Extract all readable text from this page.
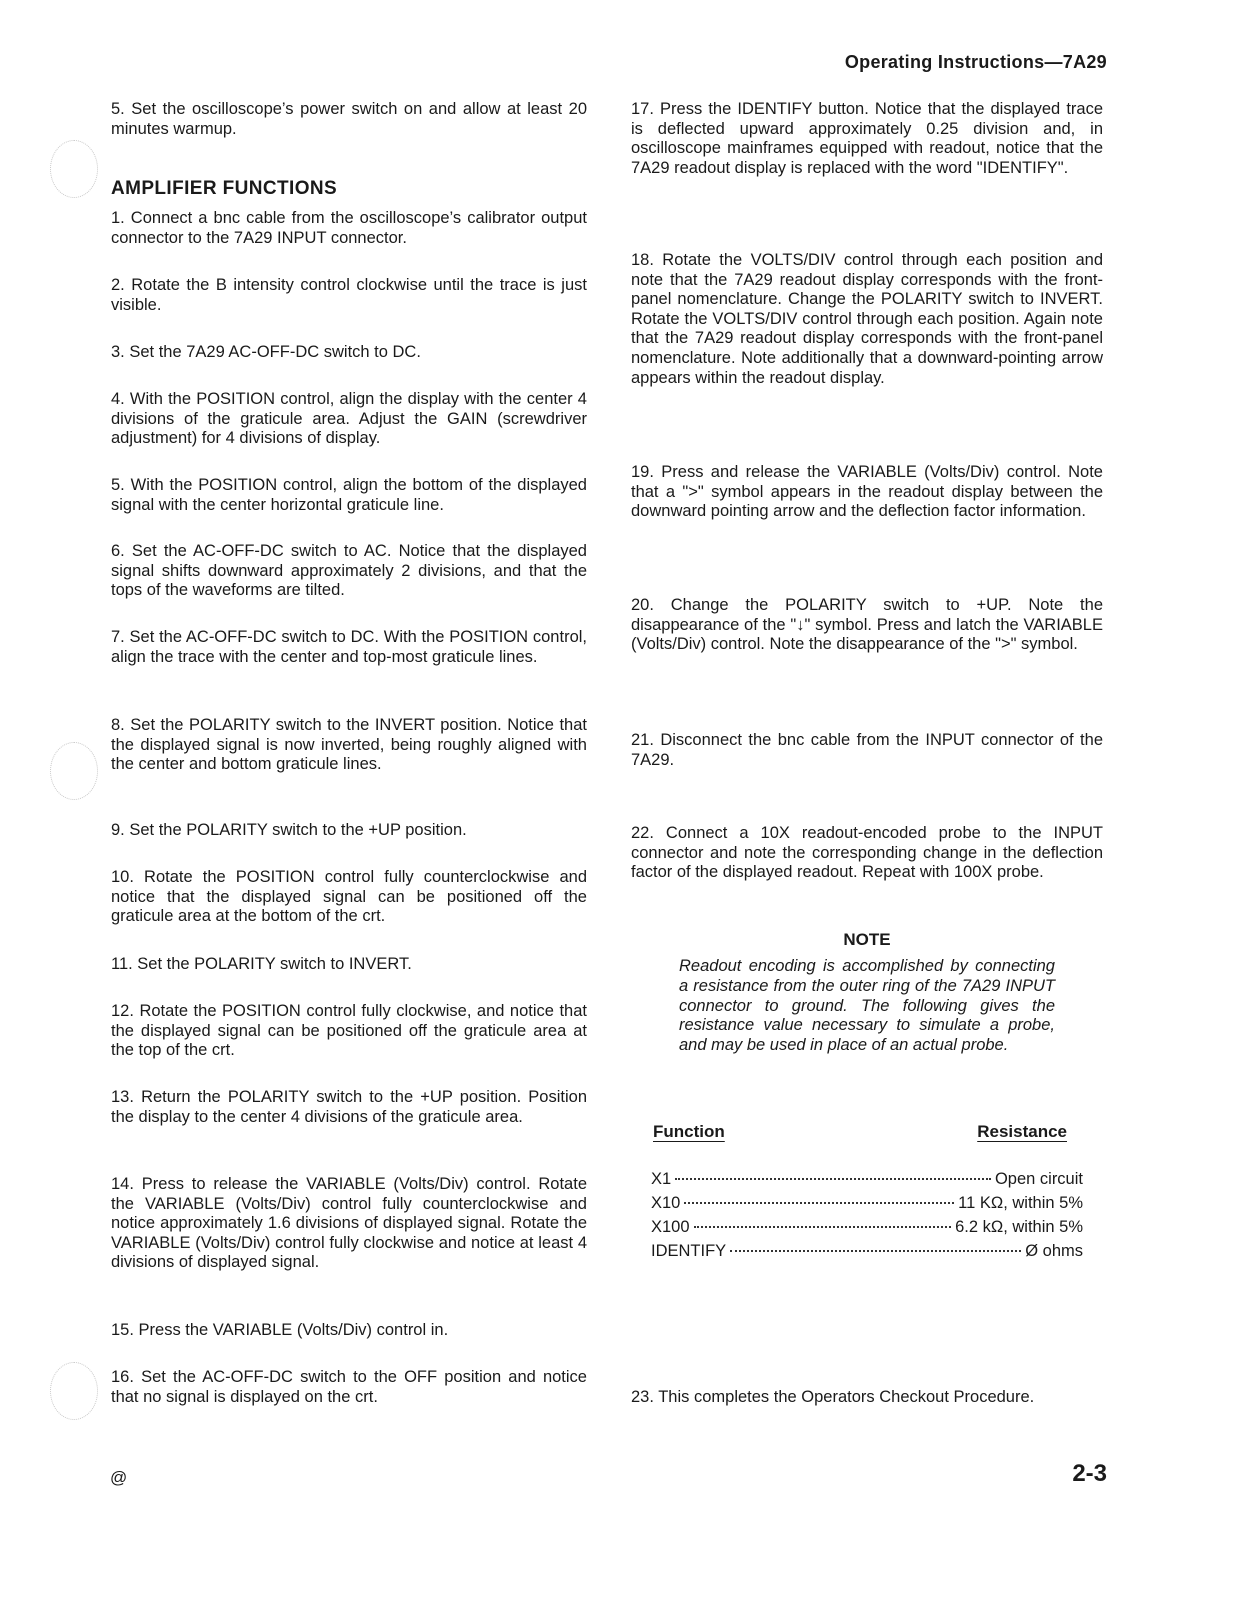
Operating Instructions—7A29

5. Set the oscilloscope’s power switch on and allow at least 20 minutes warmup.

AMPLIFIER FUNCTIONS

1. Connect a bnc cable from the oscilloscope’s calibrator output connector to the 7A29 INPUT connector.

2. Rotate the B intensity control clockwise until the trace is just visible.

3. Set the 7A29 AC-OFF-DC switch to DC.

4. With the POSITION control, align the display with the center 4 divisions of the graticule area. Adjust the GAIN (screwdriver adjustment) for 4 divisions of display.

5. With the POSITION control, align the bottom of the displayed signal with the center horizontal graticule line.

6. Set the AC-OFF-DC switch to AC. Notice that the displayed signal shifts downward approximately 2 divisions, and that the tops of the waveforms are tilted.

7. Set the AC-OFF-DC switch to DC. With the POSITION control, align the trace with the center and top-most graticule lines.

8. Set the POLARITY switch to the INVERT position. Notice that the displayed signal is now inverted, being roughly aligned with the center and bottom graticule lines.

9. Set the POLARITY switch to the +UP position.

10. Rotate the POSITION control fully counterclockwise and notice that the displayed signal can be positioned off the graticule area at the bottom of the crt.

11. Set the POLARITY switch to INVERT.

12. Rotate the POSITION control fully clockwise, and notice that the displayed signal can be positioned off the graticule area at the top of the crt.

13. Return the POLARITY switch to the +UP position. Position the display to the center 4 divisions of the graticule area.

14. Press to release the VARIABLE (Volts/Div) control. Rotate the VARIABLE (Volts/Div) control fully counterclockwise and notice approximately 1.6 divisions of displayed signal. Rotate the VARIABLE (Volts/Div) control fully clockwise and notice at least 4 divisions of displayed signal.

15. Press the VARIABLE (Volts/Div) control in.

16. Set the AC-OFF-DC switch to the OFF position and notice that no signal is displayed on the crt.

17. Press the IDENTIFY button. Notice that the displayed trace is deflected upward approximately 0.25 division and, in oscilloscope mainframes equipped with readout, notice that the 7A29 readout display is replaced with the word "IDENTIFY".

18. Rotate the VOLTS/DIV control through each position and note that the 7A29 readout display corresponds with the front-panel nomenclature. Change the POLARITY switch to INVERT. Rotate the VOLTS/DIV control through each position. Again note that the 7A29 readout display corresponds with the front-panel nomenclature. Note additionally that a downward-pointing arrow appears within the readout display.

19. Press and release the VARIABLE (Volts/Div) control. Note that a ">" symbol appears in the readout display between the downward pointing arrow and the deflection factor information.

20. Change the POLARITY switch to +UP. Note the disappearance of the "↓" symbol. Press and latch the VARIABLE (Volts/Div) control. Note the disappearance of the ">" symbol.

21. Disconnect the bnc cable from the INPUT connector of the 7A29.

22. Connect a 10X readout-encoded probe to the INPUT connector and note the corresponding change in the deflection factor of the displayed readout. Repeat with 100X probe.

NOTE

Readout encoding is accomplished by connecting a resistance from the outer ring of the 7A29 INPUT connector to ground. The following gives the resistance value necessary to simulate a probe, and may be used in place of an actual probe.

Function	Resistance
X1	Open circuit
X10	11 KΩ, within 5%
X100	6.2 kΩ, within 5%
IDENTIFY	Ø ohms

23. This completes the Operators Checkout Procedure.

@	2-3
